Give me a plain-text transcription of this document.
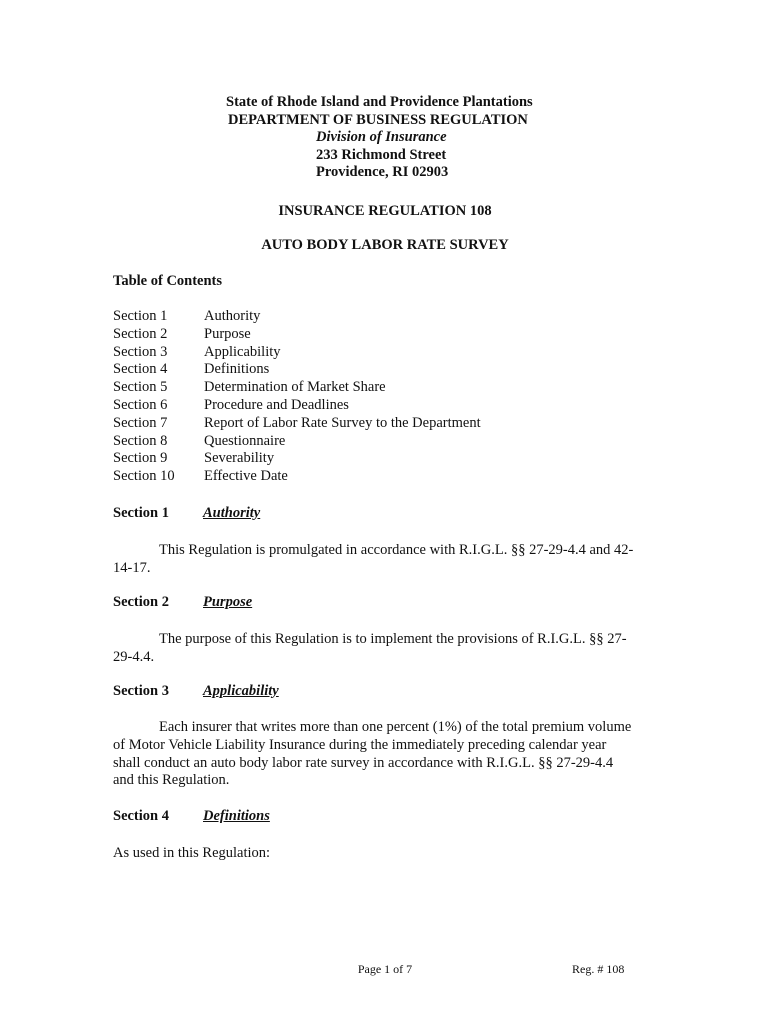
State of Rhode Island and Providence Plantations
DEPARTMENT OF BUSINESS REGULATION
Division of Insurance
233 Richmond Street
Providence, RI 02903
INSURANCE REGULATION 108
AUTO BODY LABOR RATE SURVEY
Table of Contents
Section 1	Authority
Section 2	Purpose
Section 3	Applicability
Section 4	Definitions
Section 5	Determination of Market Share
Section 6	Procedure and Deadlines
Section 7	Report of Labor Rate Survey to the Department
Section 8	Questionnaire
Section 9	Severability
Section 10	Effective Date
Section 1	Authority
This Regulation is promulgated in accordance with R.I.G.L. §§ 27-29-4.4 and 42-
14-17.
Section 2	Purpose
The purpose of this Regulation is to implement the provisions of R.I.G.L. §§ 27-
29-4.4.
Section 3	Applicability
Each insurer that writes more than one percent (1%) of the total premium volume
of Motor Vehicle Liability Insurance during the immediately preceding calendar year
shall conduct an auto body labor rate survey in accordance with R.I.G.L. §§ 27-29-4.4
and this Regulation.
Section 4	Definitions
As used in this Regulation:
Page 1 of 7	Reg. # 108
